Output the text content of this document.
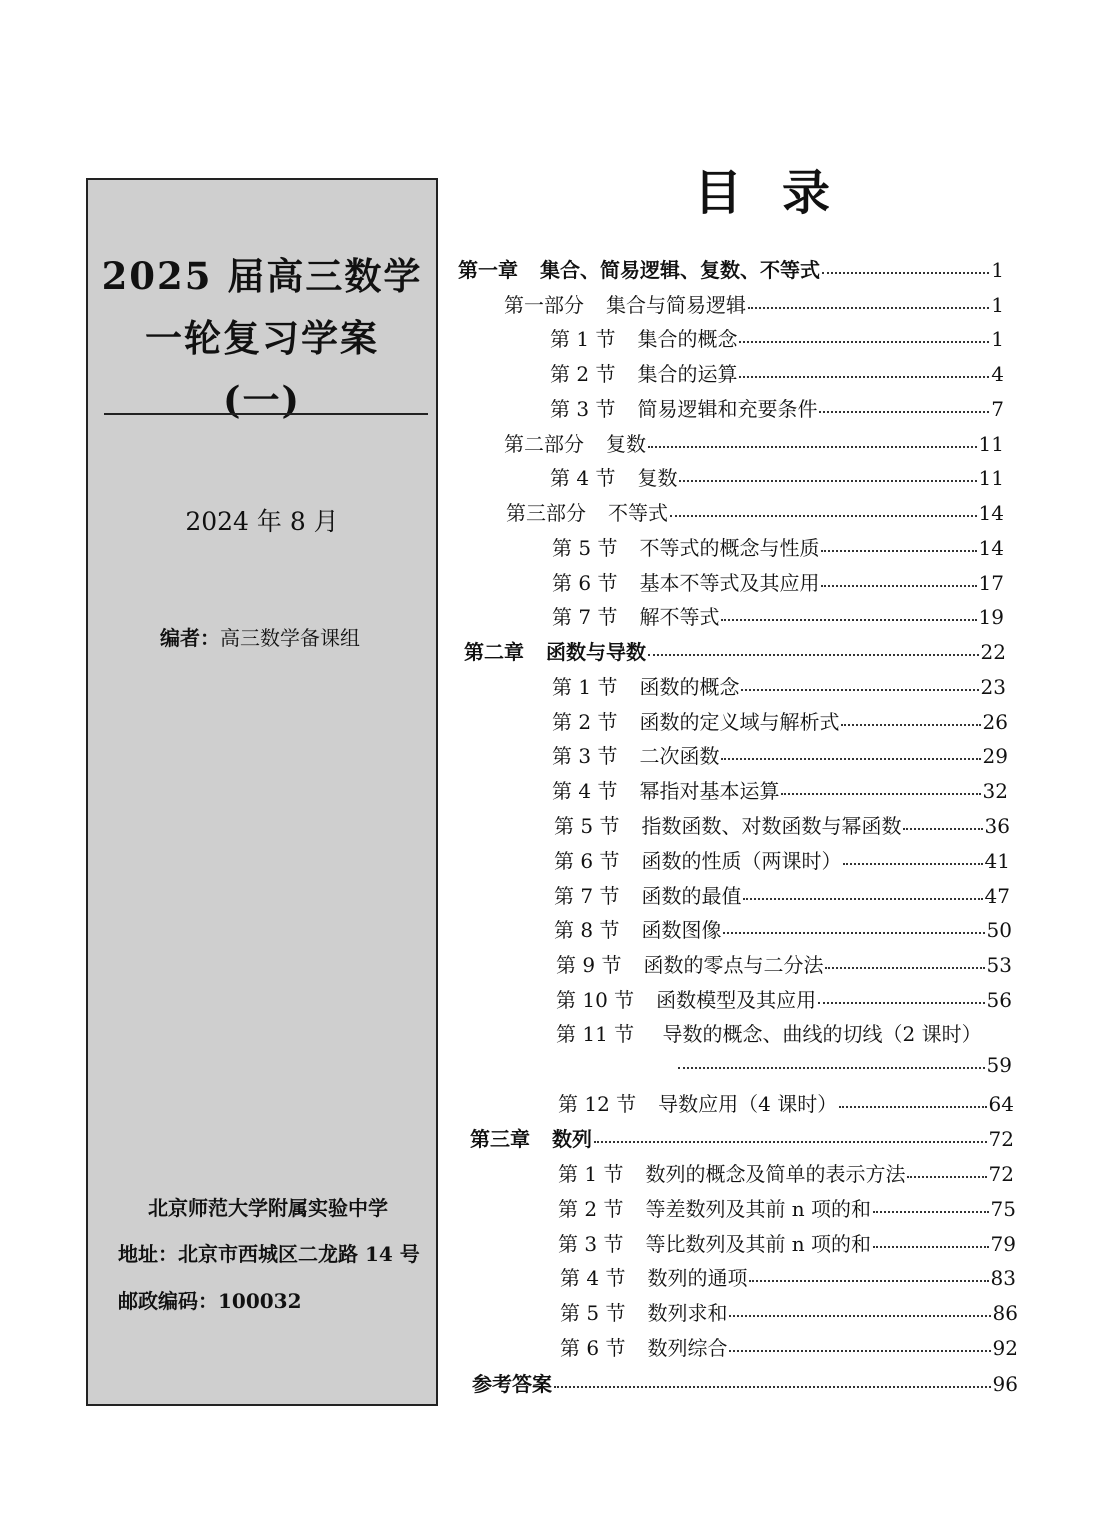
2025 届高三数学
一轮复习学案
(一)
2024 年 8 月
编者：高三数学备课组
北京师范大学附属实验中学
地址：北京市西城区二龙路 14 号
邮政编码：100032
目录
第一章 集合、简易逻辑、复数、不等式	1
第一部分 集合与简易逻辑	1
第 1 节 集合的概念	1
第 2 节 集合的运算	4
第 3 节 简易逻辑和充要条件	7
第二部分 复数	11
第 4 节 复数	11
第三部分 不等式	14
第 5 节 不等式的概念与性质	14
第 6 节 基本不等式及其应用	17
第 7 节 解不等式	19
第二章 函数与导数	22
第 1 节 函数的概念	23
第 2 节 函数的定义域与解析式	26
第 3 节 二次函数	29
第 4 节 幂指对基本运算	32
第 5 节 指数函数、对数函数与幂函数	36
第 6 节 函数的性质（两课时）	41
第 7 节 函数的最值	47
第 8 节 函数图像	50
第 9 节 函数的零点与二分法	53
第 10 节 函数模型及其应用	56
第 11 节 导数的概念、曲线的切线（2 课时）
59
第 12 节 导数应用（4 课时）	64
第三章 数列	72
第 1 节 数列的概念及简单的表示方法	72
第 2 节 等差数列及其前 n 项的和	75
第 3 节 等比数列及其前 n 项的和	79
第 4 节 数列的通项	83
第 5 节 数列求和	86
第 6 节 数列综合	92
参考答案	96
